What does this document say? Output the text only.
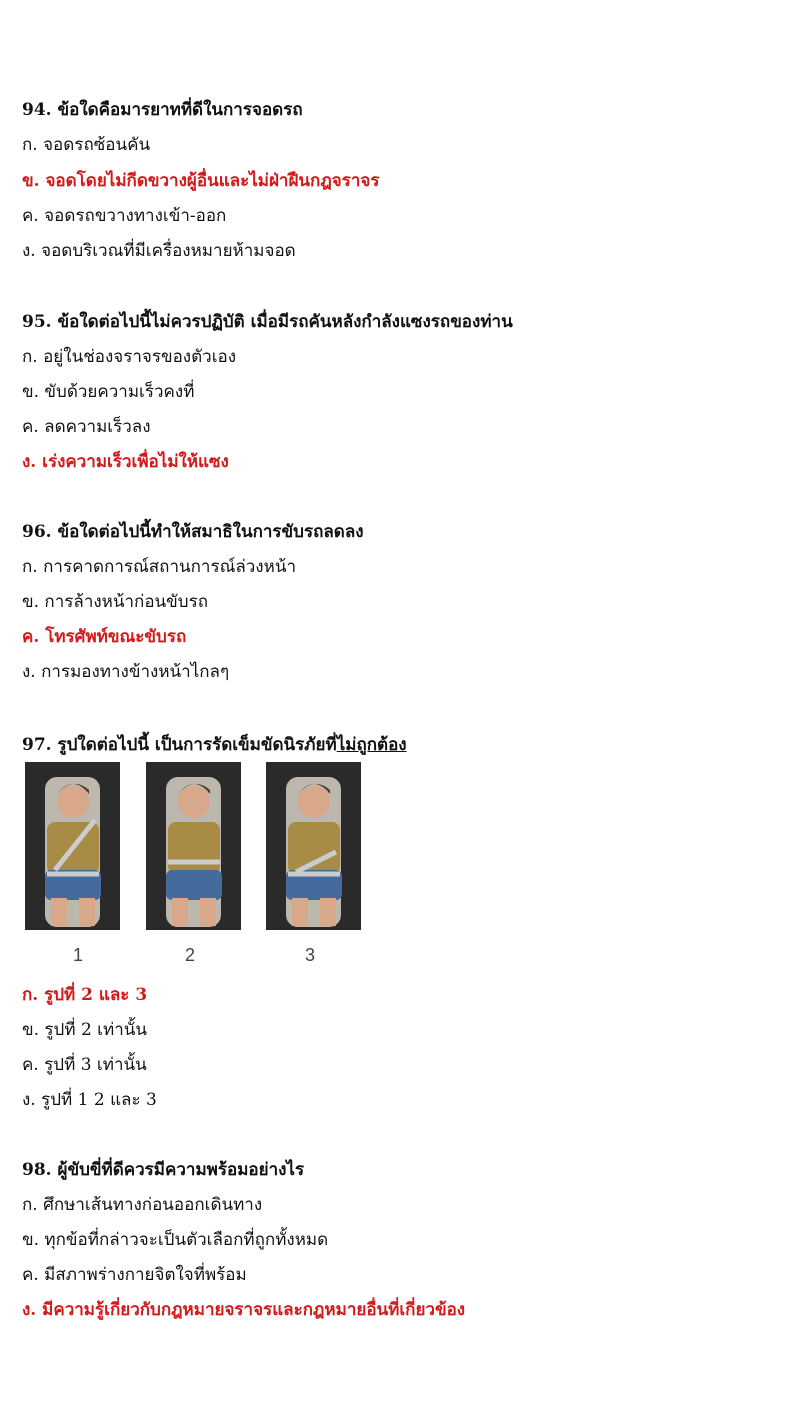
94. ข้อใดคือมารยาทที่ดีในการจอดรถ
ก. จอดรถซ้อนคัน
ข. จอดโดยไม่กีดขวางผู้อื่นและไม่ฝ่าฝืนกฎจราจร
ค. จอดรถขวางทางเข้า-ออก
ง. จอดบริเวณที่มีเครื่องหมายห้ามจอด
95. ข้อใดต่อไปนี้ไม่ควรปฏิบัติ เมื่อมีรถคันหลังกำลังแซงรถของท่าน
ก. อยู่ในช่องจราจรของตัวเอง
ข. ขับด้วยความเร็วคงที่
ค. ลดความเร็วลง
ง. เร่งความเร็วเพื่อไม่ให้แซง
96. ข้อใดต่อไปนี้ทำให้สมาธิในการขับรถลดลง
ก. การคาดการณ์สถานการณ์ล่วงหน้า
ข. การล้างหน้าก่อนขับรถ
ค. โทรศัพท์ขณะขับรถ
ง. การมองทางข้างหน้าไกลๆ
97. รูปใดต่อไปนี้ เป็นการรัดเข็มขัดนิรภัยที่ไม่ถูกต้อง
1	2	3
ก. รูปที่ 2 และ 3
ข. รูปที่ 2 เท่านั้น
ค. รูปที่ 3 เท่านั้น
ง. รูปที่ 1 2 และ 3
98. ผู้ขับขี่ที่ดีควรมีความพร้อมอย่างไร
ก. ศึกษาเส้นทางก่อนออกเดินทาง
ข. ทุกข้อที่กล่าวจะเป็นตัวเลือกที่ถูกทั้งหมด
ค. มีสภาพร่างกายจิตใจที่พร้อม
ง. มีความรู้เกี่ยวกับกฎหมายจราจรและกฎหมายอื่นที่เกี่ยวข้อง
